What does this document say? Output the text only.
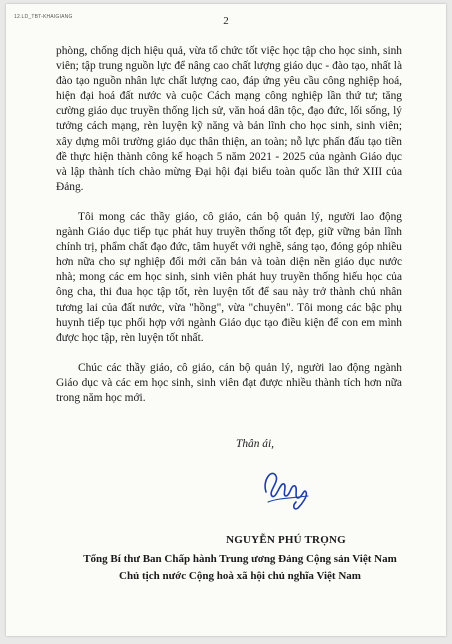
12.LD_TBT-KHAIGIANG	2

phòng, chống dịch hiệu quả, vừa tổ chức tốt việc học tập cho học sinh, sinh viên; tập trung nguồn lực để nâng cao chất lượng giáo dục - đào tạo, nhất là đào tạo nguồn nhân lực chất lượng cao, đáp ứng yêu cầu công nghiệp hoá, hiện đại hoá đất nước và cuộc Cách mạng công nghiệp lần thứ tư; tăng cường giáo dục truyền thống lịch sử, văn hoá dân tộc, đạo đức, lối sống, lý tưởng cách mạng, rèn luyện kỹ năng và bản lĩnh cho học sinh, sinh viên; xây dựng môi trường giáo dục thân thiện, an toàn; nỗ lực phấn đấu tạo tiền đề thực hiện thành công kế hoạch 5 năm 2021 - 2025 của ngành Giáo dục và lập thành tích chào mừng Đại hội đại biểu toàn quốc lần thứ XIII của Đảng.

Tôi mong các thầy giáo, cô giáo, cán bộ quản lý, người lao động ngành Giáo dục tiếp tục phát huy truyền thống tốt đẹp, giữ vững bản lĩnh chính trị, phẩm chất đạo đức, tâm huyết với nghề, sáng tạo, đóng góp nhiều hơn nữa cho sự nghiệp đổi mới căn bản và toàn diện nền giáo dục nước nhà; mong các em học sinh, sinh viên phát huy truyền thống hiếu học của ông cha, thi đua học tập tốt, rèn luyện tốt để sau này trở thành chủ nhân tương lai của đất nước, vừa "hồng", vừa "chuyên". Tôi mong các bậc phụ huynh tiếp tục phối hợp với ngành Giáo dục tạo điều kiện để con em mình được học tập, rèn luyện tốt nhất.

Chúc các thầy giáo, cô giáo, cán bộ quản lý, người lao động ngành Giáo dục và các em học sinh, sinh viên đạt được nhiều thành tích hơn nữa trong năm học mới.

Thân ái,
NGUYỄN PHÚ TRỌNG
Tổng Bí thư Ban Chấp hành Trung ương Đảng Cộng sản Việt Nam
Chủ tịch nước Cộng hoà xã hội chủ nghĩa Việt Nam
